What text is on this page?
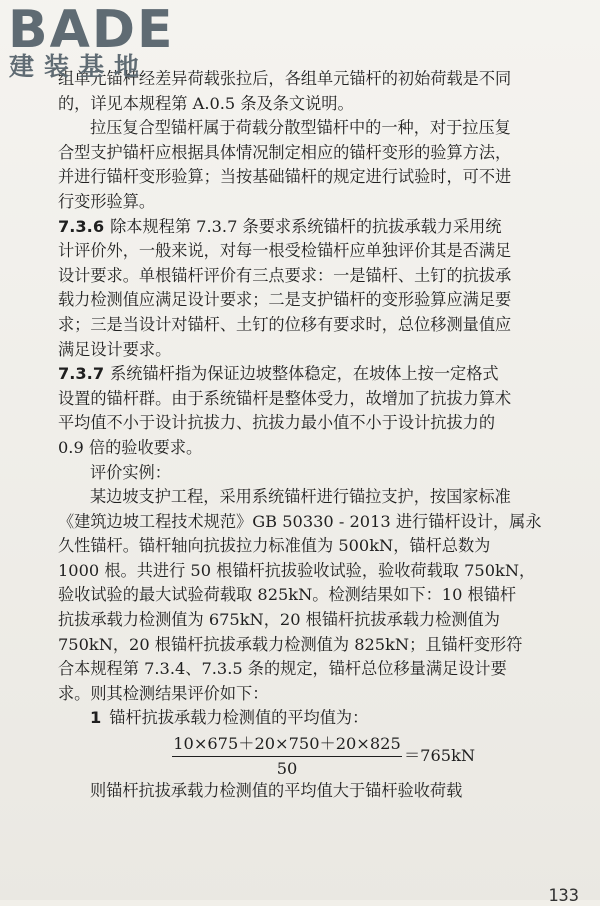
BADE
建装基地
组单元锚杆经差异荷载张拉后，各组单元锚杆的初始荷载是不同
的，详见本规程第 A.0.5 条及条文说明。
拉压复合型锚杆属于荷载分散型锚杆中的一种，对于拉压复
合型支护锚杆应根据具体情况制定相应的锚杆变形的验算方法，
并进行锚杆变形验算；当按基础锚杆的规定进行试验时，可不进
行变形验算。
7.3.6 除本规程第 7.3.7 条要求系统锚杆的抗拔承载力采用统
计评价外，一般来说，对每一根受检锚杆应单独评价其是否满足
设计要求。单根锚杆评价有三点要求：一是锚杆、土钉的抗拔承
载力检测值应满足设计要求；二是支护锚杆的变形验算应满足要
求；三是当设计对锚杆、土钉的位移有要求时，总位移测量值应
满足设计要求。
7.3.7 系统锚杆指为保证边坡整体稳定，在坡体上按一定格式
设置的锚杆群。由于系统锚杆是整体受力，故增加了抗拔力算术
平均值不小于设计抗拔力、抗拔力最小值不小于设计抗拔力的
0.9 倍的验收要求。
评价实例：
某边坡支护工程，采用系统锚杆进行锚拉支护，按国家标准
《建筑边坡工程技术规范》GB 50330 - 2013 进行锚杆设计，属永
久性锚杆。锚杆轴向抗拔拉力标准值为 500kN，锚杆总数为
1000 根。共进行 50 根锚杆抗拔验收试验，验收荷载取 750kN，
验收试验的最大试验荷载取 825kN。检测结果如下：10 根锚杆
抗拔承载力检测值为 675kN，20 根锚杆抗拔承载力检测值为
750kN，20 根锚杆抗拔承载力检测值为 825kN；且锚杆变形符
合本规程第 7.3.4、7.3.5 条的规定，锚杆总位移量满足设计要
求。则其检测结果评价如下：
1 锚杆抗拔承载力检测值的平均值为：
$\frac{10\times 675+20\times 750+20\times 825}{50} =765kN$
则锚杆抗拔承载力检测值的平均值大于锚杆验收荷载
133
